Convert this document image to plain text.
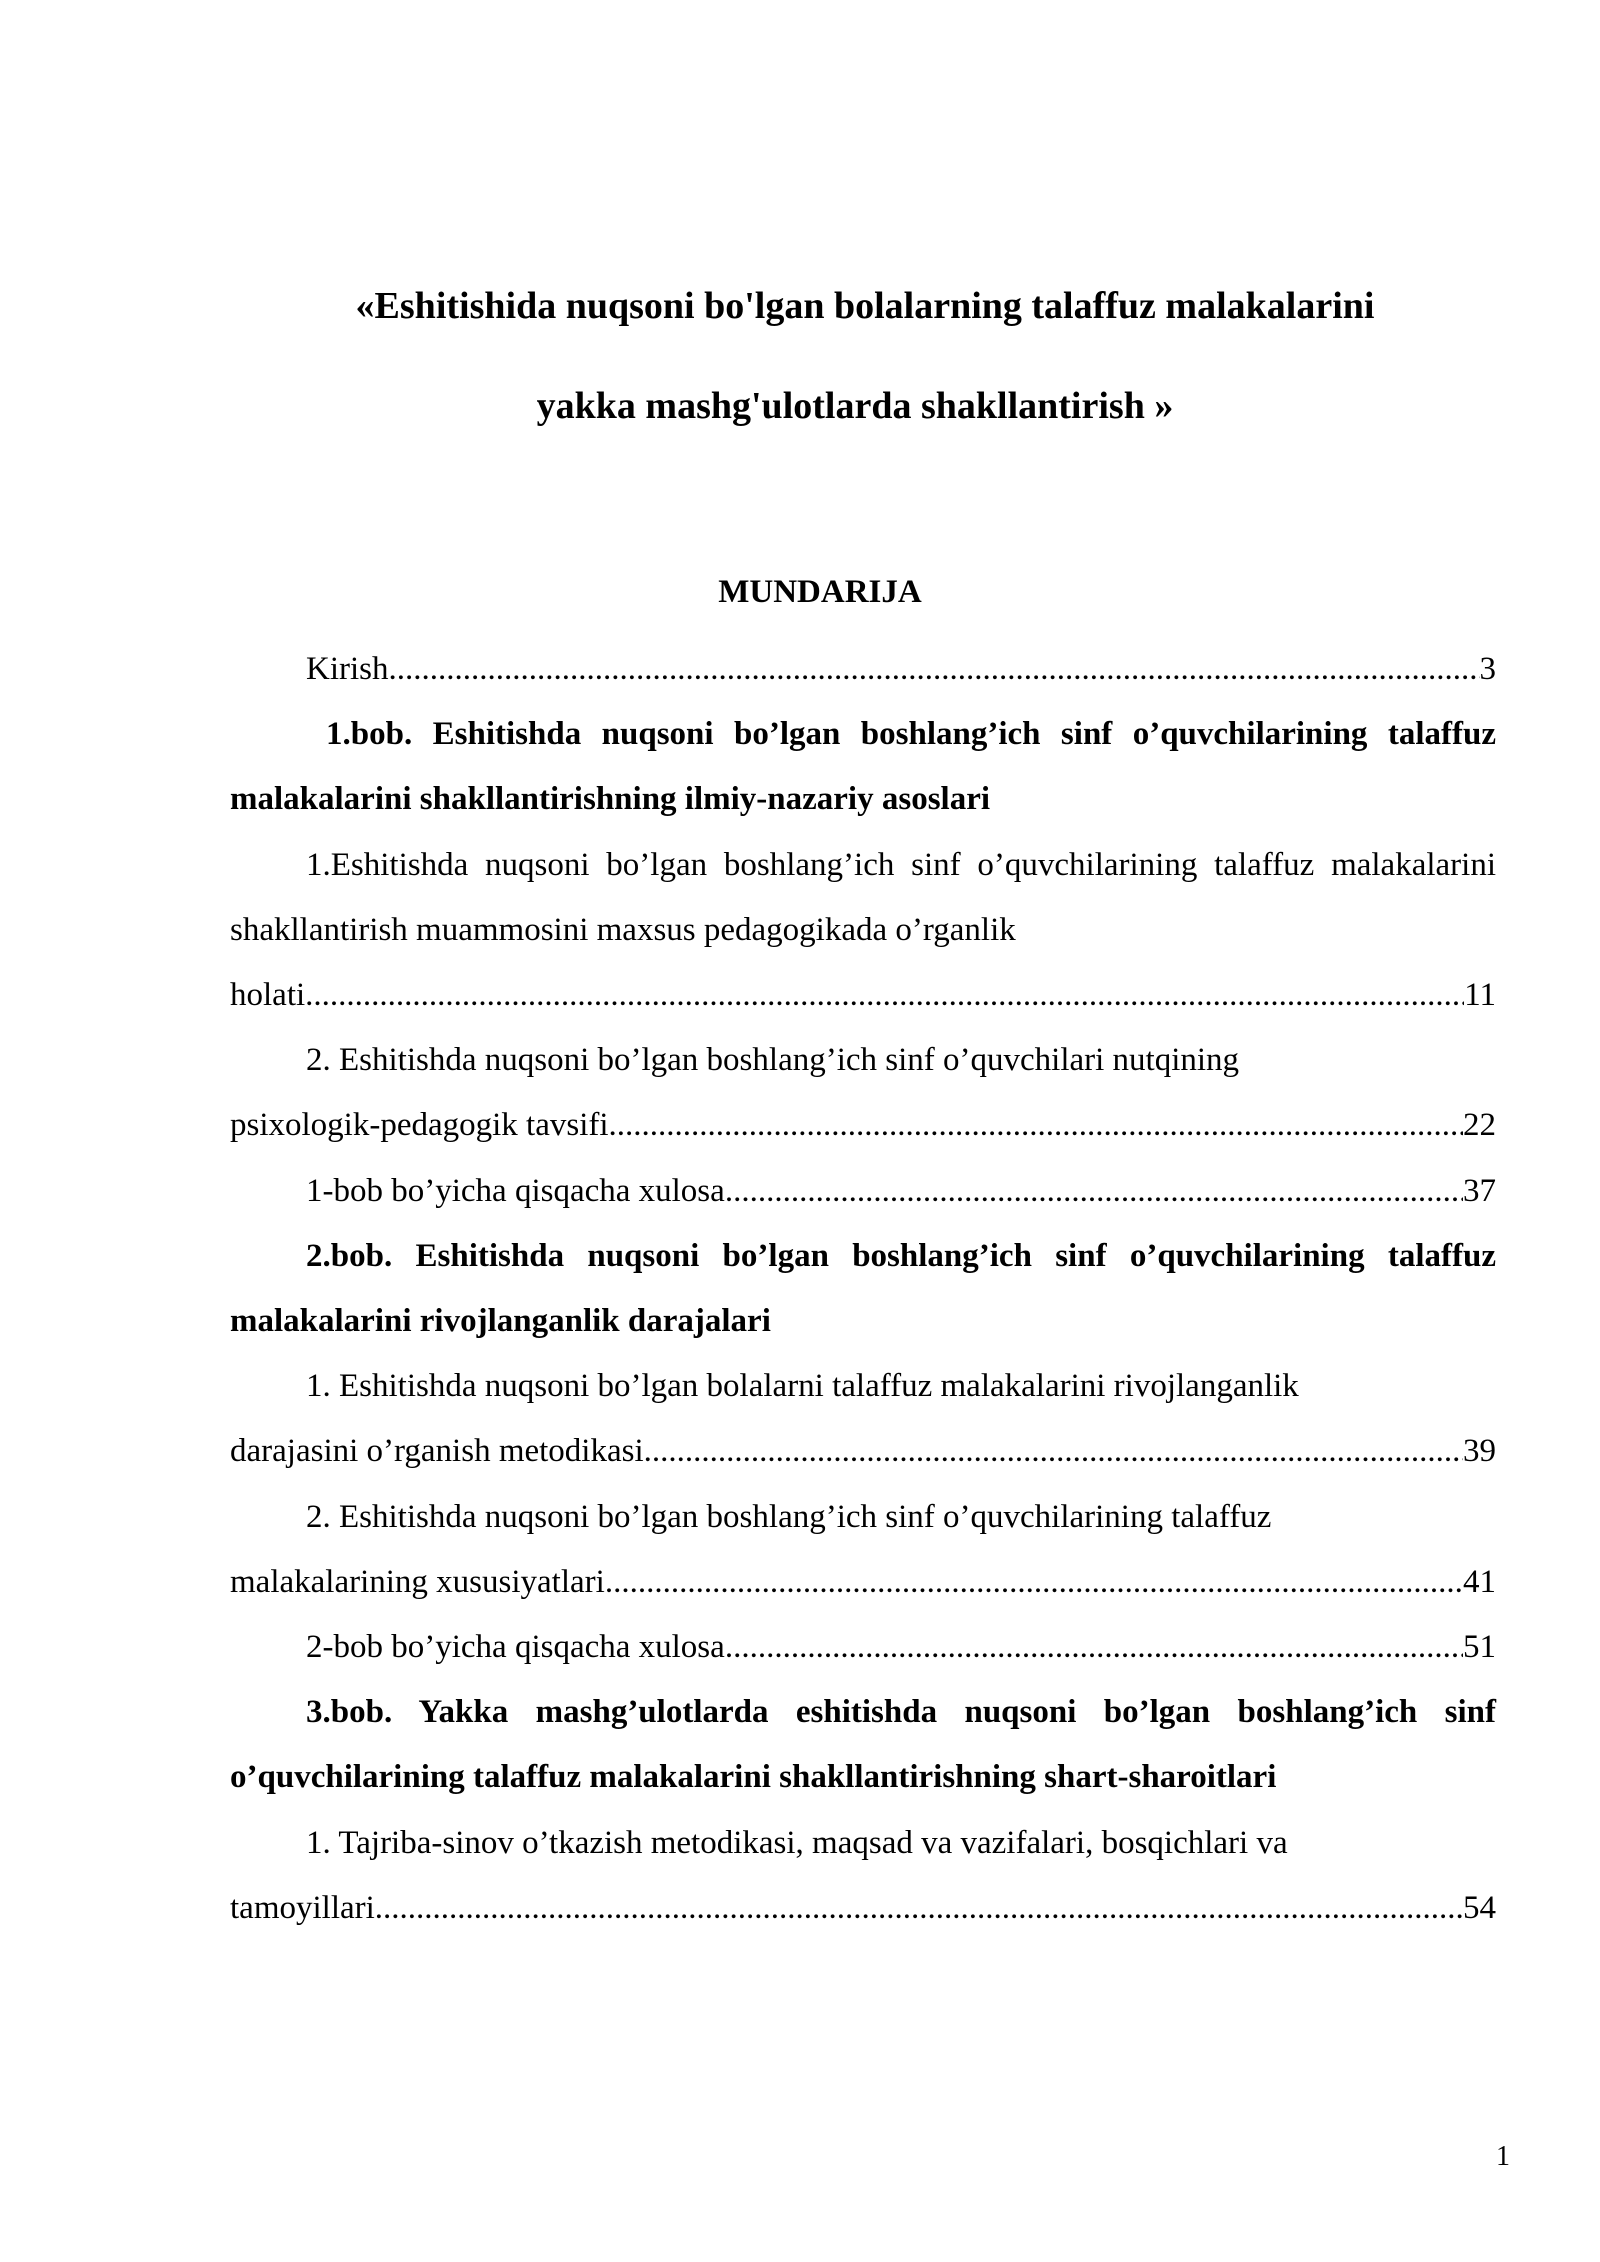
«Eshitishida nuqsoni bo'lgan bolalarning talaffuz malakalarini
yakka mashg'ulotlarda shakllantirish »
MUNDARIJA
Kirish .....	3

1.bob. Eshitishda nuqsoni bo’lgan boshlang’ich sinf o’quvchilarining talaffuz malakalarini shakllantirishning ilmiy-nazariy asoslari

1.Eshitishda nuqsoni bo’lgan boshlang’ich sinf o’quvchilarining talaffuz malakalarini shakllantirish muammosini maxsus pedagogikada o’rganlik

holati .....	11

2. Eshitishda nuqsoni bo’lgan boshlang’ich sinf o’quvchilari nutqining

psixologik-pedagogik tavsifi .....	22
1-bob bo’yicha qisqacha xulosa .....	37

2.bob. Eshitishda nuqsoni bo’lgan boshlang’ich sinf o’quvchilarining talaffuz malakalarini rivojlanganlik darajalari

1. Eshitishda nuqsoni bo’lgan bolalarni talaffuz malakalarini rivojlanganlik

darajasini o’rganish metodikasi .....	39

2. Eshitishda nuqsoni bo’lgan boshlang’ich sinf o’quvchilarining talaffuz

malakalarining xususiyatlari .....	41
2-bob bo’yicha qisqacha xulosa .....	51

3.bob. Yakka mashg’ulotlarda eshitishda nuqsoni bo’lgan boshlang’ich sinf o’quvchilarining talaffuz malakalarini shakllantirishning shart-sharoitlari

1. Tajriba-sinov o’tkazish metodikasi, maqsad va vazifalari, bosqichlari va

tamoyillari .....	54
1
